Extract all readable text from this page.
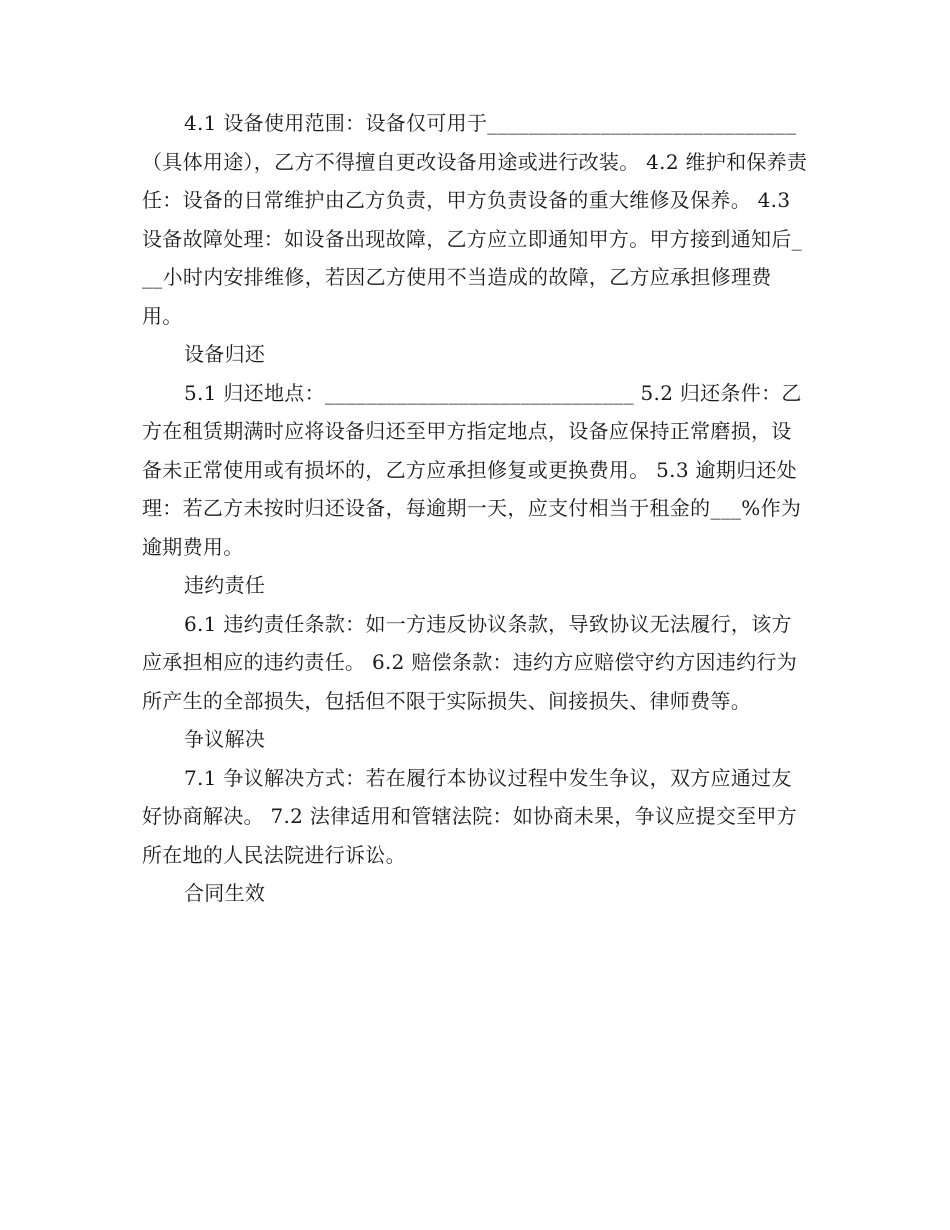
4.1 设备使用范围：设备仅可用于______________________________（具体用途），乙方不得擅自更改设备用途或进行改装。 4.2 维护和保养责任：设备的日常维护由乙方负责，甲方负责设备的重大维修及保养。 4.3 设备故障处理：如设备出现故障，乙方应立即通知甲方。甲方接到通知后___小时内安排维修，若因乙方使用不当造成的故障，乙方应承担修理费用。

设备归还

5.1 归还地点：______________________________ 5.2 归还条件：乙方在租赁期满时应将设备归还至甲方指定地点，设备应保持正常磨损，设备未正常使用或有损坏的，乙方应承担修复或更换费用。 5.3 逾期归还处理：若乙方未按时归还设备，每逾期一天，应支付相当于租金的___%作为逾期费用。

违约责任

6.1 违约责任条款：如一方违反协议条款，导致协议无法履行，该方应承担相应的违约责任。 6.2 赔偿条款：违约方应赔偿守约方因违约行为所产生的全部损失，包括但不限于实际损失、间接损失、律师费等。

争议解决

7.1 争议解决方式：若在履行本协议过程中发生争议，双方应通过友好协商解决。 7.2 法律适用和管辖法院：如协商未果，争议应提交至甲方所在地的人民法院进行诉讼。

合同生效
